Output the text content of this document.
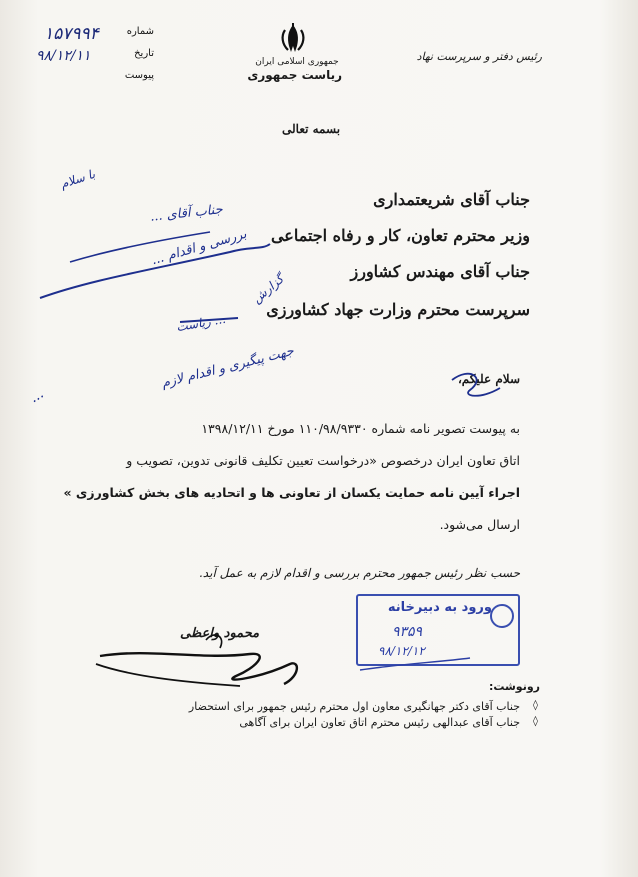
۱۵۷۹۹۴	شماره
۹۸/۱۲/۱۱	تاریخ
پیوست
جمهوری اسلامی ایران
ریاست جمهوری
رئیس دفتر و سرپرست نهاد
بسمه تعالی
جناب آقای شریعتمداری
وزیر محترم تعاون، کار و رفاه اجتماعی
جناب آقای مهندس کشاورز
سرپرست محترم وزارت جهاد کشاورزی
سلام علیکم،
به پیوست تصویر نامه شماره ۱۱۰/۹۸/۹۳۳۰ مورخ ۱۳۹۸/۱۲/۱۱
اتاق تعاون ایران درخصوص «درخواست تعیین تکلیف قانونی تدوین، تصویب و
اجراء آیین نامه حمایت یکسان از تعاونی ها و اتحادیه های بخش کشاورزی »
ارسال می‌شود.
حسب نظر رئیس جمهور محترم بررسی و اقدام لازم به عمل آید.
ورود به دبیرخانه
۹۳۵۹
۹۸/۱۲/۱۲
محمود واعظی
رونوشت:
◊
جناب آقای دکتر جهانگیری معاون اول محترم رئیس جمهور برای استحضار
◊
جناب آقای عبدالهی رئیس محترم اتاق تعاون ایران برای آگاهی
با سلام
جناب آقای ...
بررسی و اقدام ...
گزارش
... ریاست
جهت پیگیری و اقدام لازم
...
